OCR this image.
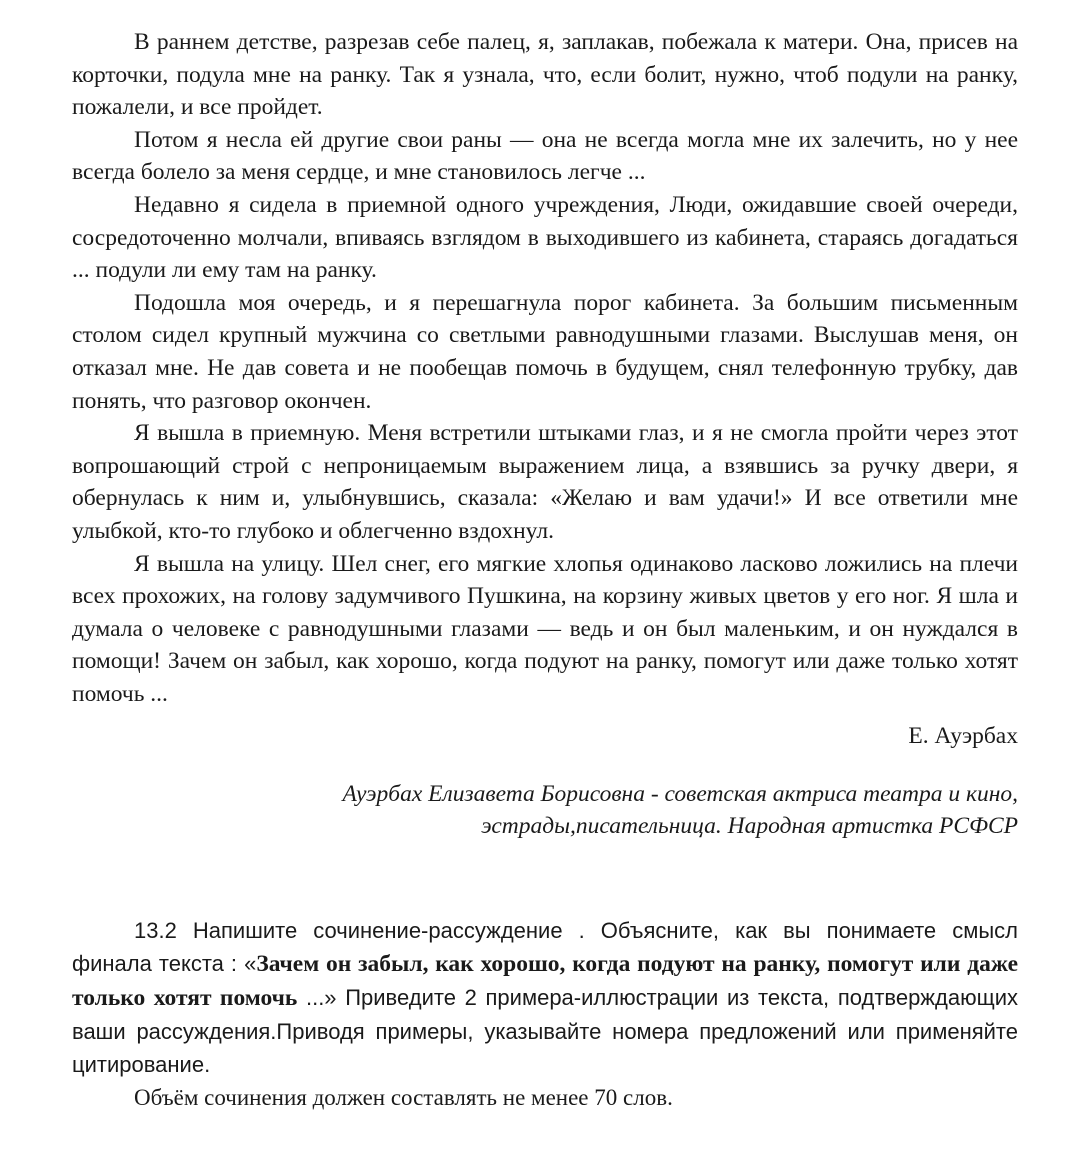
В раннем детстве, разрезав себе палец, я, заплакав, побежала к матери. Она, присев на корточки, подула мне на ранку. Так я узнала, что, если болит, нужно, чтоб подули на ранку, пожалели, и все пройдет.

Потом я несла ей другие свои раны — она не всегда могла мне их залечить, но у нее всегда болело за меня сердце, и мне становилось легче ...

Недавно я сидела в приемной одного учреждения, Люди, ожидавшие своей очереди, сосредоточенно молчали, впиваясь взглядом в выходившего из кабинета, стараясь догадаться ... подули ли ему там на ранку.

Подошла моя очередь, и я перешагнула порог кабинета. За большим письменным столом сидел крупный мужчина со светлыми равнодушными глазами. Выслушав меня, он отказал мне. Не дав совета и не пообещав помочь в будущем, снял телефонную трубку, дав понять, что разговор окончен.

Я вышла в приемную. Меня встретили штыками глаз, и я не смогла пройти через этот вопрошающий строй с непроницаемым выражением лица, а взявшись за ручку двери, я обернулась к ним и, улыбнувшись, сказала: «Желаю и вам удачи!» И все ответили мне улыбкой, кто-то глубоко и облегченно вздохнул.

Я вышла на улицу. Шел снег, его мягкие хлопья одинаково ласково ложились на плечи всех прохожих, на голову задумчивого Пушкина, на корзину живых цветов у его ног. Я шла и думала о человеке с равнодушными глазами — ведь и он был маленьким, и он нуждался в помощи! Зачем он забыл, как хорошо, когда подуют на ранку, помогут или даже только хотят помочь ...

Е. Ауэрбах

Ауэрбах Елизавета Борисовна - советская актриса театра и кино,
эстрады,писательница. Народная артистка РСФСР

13.2 Напишите сочинение-рассуждение . Объясните, как вы понимаете смысл финала текста : «Зачем он забыл, как хорошо, когда подуют на ранку, помогут или даже только хотят помочь ...» Приведите 2 примера-иллюстрации из текста, подтверждающих ваши рассуждения.Приводя примеры, указывайте номера предложений или применяйте цитирование.

Объём сочинения должен составлять не менее 70 слов.
